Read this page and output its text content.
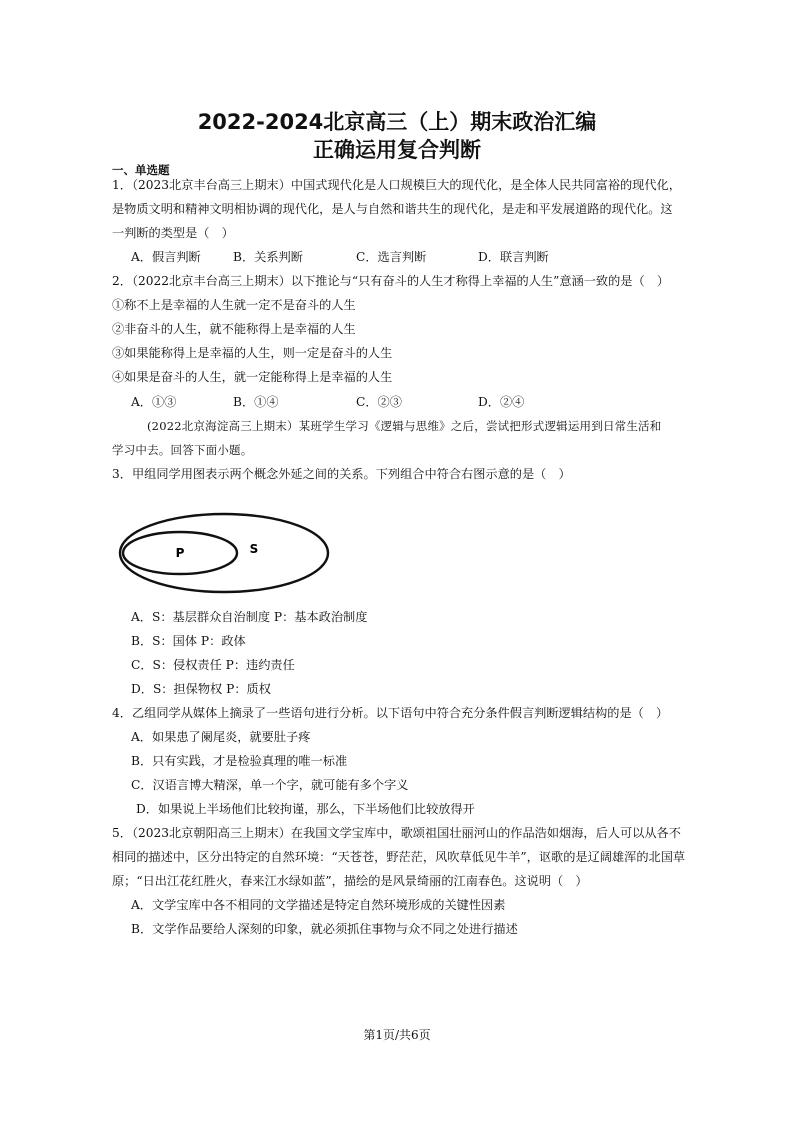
2022-2024北京高三（上）期末政治汇编
正确运用复合判断
一、单选题
1．（2023北京丰台高三上期末）中国式现代化是人口规模巨大的现代化，是全体人民共同富裕的现代化，
是物质文明和精神文明相协调的现代化，是人与自然和谐共生的现代化，是走和平发展道路的现代化。这
一判断的类型是（　）
A．假言判断	B．关系判断	C．选言判断	D．联言判断
2．（2022北京丰台高三上期末）以下推论与“只有奋斗的人生才称得上幸福的人生”意涵一致的是（　）
①称不上是幸福的人生就一定不是奋斗的人生
②非奋斗的人生，就不能称得上是幸福的人生
③如果能称得上是幸福的人生，则一定是奋斗的人生
④如果是奋斗的人生，就一定能称得上是幸福的人生
A．①③	B．①④	C．②③	D．②④
(2022北京海淀高三上期末）某班学生学习《逻辑与思维》之后，尝试把形式逻辑运用到日常生活和
学习中去。回答下面小题。
3．甲组同学用图表示两个概念外延之间的关系。下列组合中符合右图示意的是（　）
P	S
A．S：基层群众自治制度 P：基本政治制度
B．S：国体 P：政体
C．S：侵权责任 P：违约责任
D．S：担保物权 P：质权
4．乙组同学从媒体上摘录了一些语句进行分析。以下语句中符合充分条件假言判断逻辑结构的是（　）
A．如果患了阑尾炎，就要肚子疼
B．只有实践，才是检验真理的唯一标准
C．汉语言博大精深，单一个字，就可能有多个字义
D．如果说上半场他们比较拘谨，那么，下半场他们比较放得开
5．（2023北京朝阳高三上期末）在我国文学宝库中，歌颂祖国壮丽河山的作品浩如烟海，后人可以从各不
相同的描述中，区分出特定的自然环境：“天苍苍，野茫茫，风吹草低见牛羊”，讴歌的是辽阔雄浑的北国草
原；“日出江花红胜火，春来江水绿如蓝”，描绘的是风景绮丽的江南春色。这说明（　）
A．文学宝库中各不相同的文学描述是特定自然环境形成的关键性因素
B．文学作品要给人深刻的印象，就必须抓住事物与众不同之处进行描述
第1页/共6页
